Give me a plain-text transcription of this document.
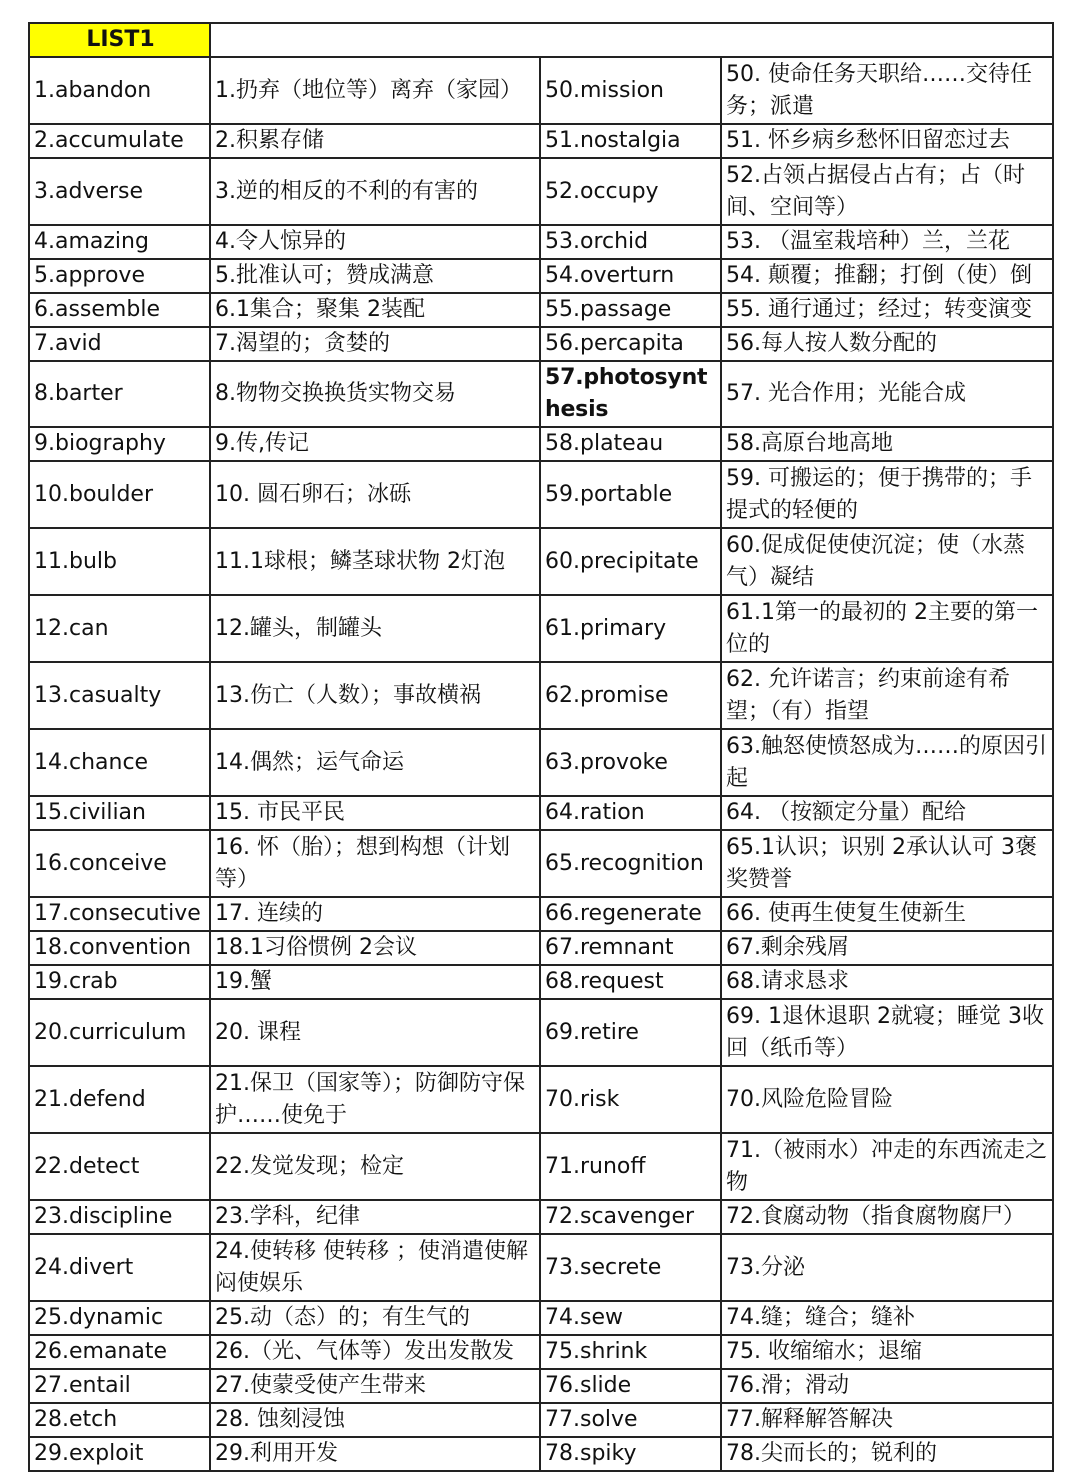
LIST1			
1.abandon	1.扔弃（地位等）离弃（家园）	50.mission	50. 使命任务天职给……交待任务；派遣
2.accumulate	2.积累存储	51.nostalgia	51. 怀乡病乡愁怀旧留恋过去
3.adverse	3.逆的相反的不利的有害的	52.occupy	52.占领占据侵占占有；占（时间、空间等）
4.amazing	4.令人惊异的	53.orchid	53. （温室栽培种）兰，兰花
5.approve	5.批准认可；赞成满意	54.overturn	54. 颠覆；推翻；打倒（使）倒
6.assemble	6.1集合；聚集 2装配	55.passage	55. 通行通过；经过；转变演变
7.avid	7.渴望的；贪婪的	56.percapita	56.每人按人数分配的
8.barter	8.物物交换换货实物交易	57.photosynthesis	57. 光合作用；光能合成
9.biography	9.传,传记	58.plateau	58.高原台地高地
10.boulder	10. 圆石卵石；冰砾	59.portable	59. 可搬运的；便于携带的；手提式的轻便的
11.bulb	11.1球根；鳞茎球状物 2灯泡	60.precipitate	60.促成促使使沉淀；使（水蒸气）凝结
12.can	12.罐头，制罐头	61.primary	61.1第一的最初的 2主要的第一位的
13.casualty	13.伤亡（人数）；事故横祸	62.promise	62. 允许诺言；约束前途有希望；（有）指望
14.chance	14.偶然；运气命运	63.provoke	63.触怒使愤怒成为……的原因引起
15.civilian	15. 市民平民	64.ration	64. （按额定分量）配给
16.conceive	16. 怀（胎）；想到构想（计划等）	65.recognition	65.1认识；识别 2承认认可 3褒奖赞誉
17.consecutive	17. 连续的	66.regenerate	66. 使再生使复生使新生
18.convention	18.1习俗惯例 2会议	67.remnant	67.剩余残屑
19.crab	19.蟹	68.request	68.请求恳求
20.curriculum	20. 课程	69.retire	69. 1退休退职 2就寝；睡觉 3收回（纸币等）
21.defend	21.保卫（国家等）；防御防守保护……使免于	70.risk	70.风险危险冒险
22.detect	22.发觉发现；检定	71.runoff	71.（被雨水）冲走的东西流走之物
23.discipline	23.学科，纪律	72.scavenger	72.食腐动物（指食腐物腐尸）
24.divert	24.使转移 使转移 ；使消遣使解闷使娱乐	73.secrete	73.分泌
25.dynamic	25.动（态）的；有生气的	74.sew	74.缝；缝合；缝补
26.emanate	26.（光、气体等）发出发散发	75.shrink	75. 收缩缩水；退缩
27.entail	27.使蒙受使产生带来	76.slide	76.滑；滑动
28.etch	28. 蚀刻浸蚀	77.solve	77.解释解答解决
29.exploit	29.利用开发	78.spiky	78.尖而长的；锐利的
